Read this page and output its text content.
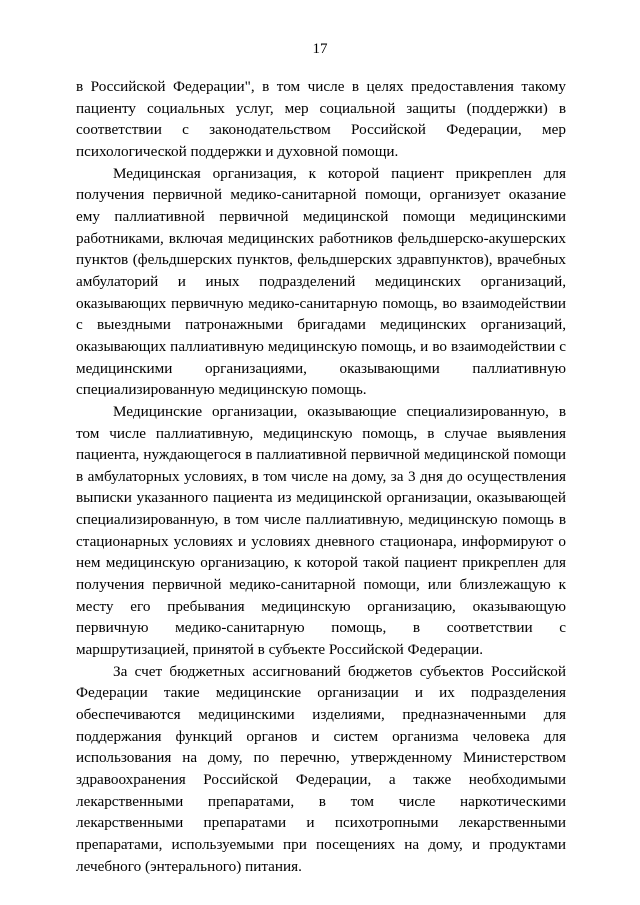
17

в Российской Федерации", в том числе в целях предоставления такому пациенту социальных услуг, мер социальной защиты (поддержки) в соответствии с законодательством Российской Федерации, мер психологической поддержки и духовной помощи.

Медицинская организация, к которой пациент прикреплен для получения первичной медико-санитарной помощи, организует оказание ему паллиативной первичной медицинской помощи медицинскими работниками, включая медицинских работников фельдшерско-акушерских пунктов (фельдшерских пунктов, фельдшерских здравпунктов), врачебных амбулаторий и иных подразделений медицинских организаций, оказывающих первичную медико-санитарную помощь, во взаимодействии с выездными патронажными бригадами медицинских организаций, оказывающих паллиативную медицинскую помощь, и во взаимодействии с медицинскими организациями, оказывающими паллиативную специализированную медицинскую помощь.

Медицинские организации, оказывающие специализированную, в том числе паллиативную, медицинскую помощь, в случае выявления пациента, нуждающегося в паллиативной первичной медицинской помощи в амбулаторных условиях, в том числе на дому, за 3 дня до осуществления выписки указанного пациента из медицинской организации, оказывающей специализированную, в том числе паллиативную, медицинскую помощь в стационарных условиях и условиях дневного стационара, информируют о нем медицинскую организацию, к которой такой пациент прикреплен для получения первичной медико-санитарной помощи, или близлежащую к месту его пребывания медицинскую организацию, оказывающую первичную медико-санитарную помощь, в соответствии с маршрутизацией, принятой в субъекте Российской Федерации.

За счет бюджетных ассигнований бюджетов субъектов Российской Федерации такие медицинские организации и их подразделения обеспечиваются медицинскими изделиями, предназначенными для поддержания функций органов и систем организма человека для использования на дому, по перечню, утвержденному Министерством здравоохранения Российской Федерации, а также необходимыми лекарственными препаратами, в том числе наркотическими лекарственными препаратами и психотропными лекарственными препаратами, используемыми при посещениях на дому, и продуктами лечебного (энтерального) питания.
